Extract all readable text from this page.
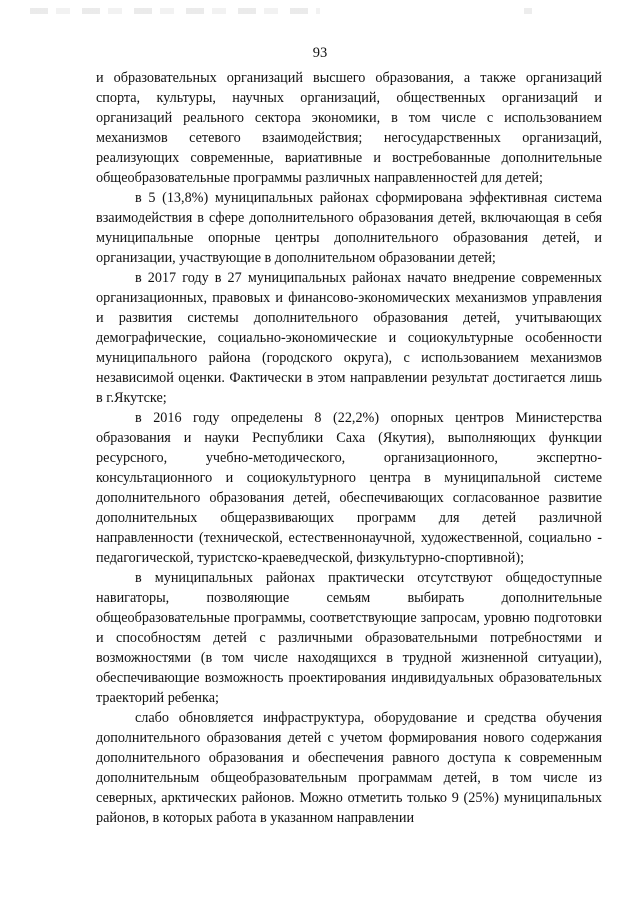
93

и образовательных организаций высшего образования, а также организаций спорта, культуры, научных организаций, общественных организаций и организаций реального сектора экономики, в том числе с использованием механизмов сетевого взаимодействия; негосударственных организаций, реализующих современные, вариативные и востребованные дополнительные общеобразовательные программы различных направленностей для детей;

в 5 (13,8%) муниципальных районах сформирована эффективная система взаимодействия в сфере дополнительного образования детей, включающая в себя муниципальные опорные центры дополнительного образования детей, и организации, участвующие в дополнительном образовании детей;

в 2017 году в 27 муниципальных районах начато внедрение современных организационных, правовых и финансово-экономических механизмов управления и развития системы дополнительного образования детей, учитывающих демографические, социально-экономические и социокультурные особенности муниципального района (городского округа), с использованием механизмов независимой оценки. Фактически в этом направлении результат достигается лишь в г.Якутске;

в 2016 году определены 8 (22,2%) опорных центров Министерства образования и науки Республики Саха (Якутия), выполняющих функции ресурсного, учебно-методического, организационного, экспертно-консультационного и социокультурного центра в муниципальной системе дополнительного образования детей, обеспечивающих согласованное развитие дополнительных общеразвивающих программ для детей различной направленности (технической, естественнонаучной, художественной, социально - педагогической, туристско-краеведческой, физкультурно-спортивной);

в муниципальных районах практически отсутствуют общедоступные навигаторы, позволяющие семьям выбирать дополнительные общеобразовательные программы, соответствующие запросам, уровню подготовки и способностям детей с различными образовательными потребностями и возможностями (в том числе находящихся в трудной жизненной ситуации), обеспечивающие возможность проектирования индивидуальных образовательных траекторий ребенка;

слабо обновляется инфраструктура, оборудование и средства обучения дополнительного образования детей с учетом формирования нового содержания дополнительного образования и обеспечения равного доступа к современным дополнительным общеобразовательным программам детей, в том числе из северных, арктических районов. Можно отметить только 9 (25%) муниципальных районов, в которых работа в указанном направлении
